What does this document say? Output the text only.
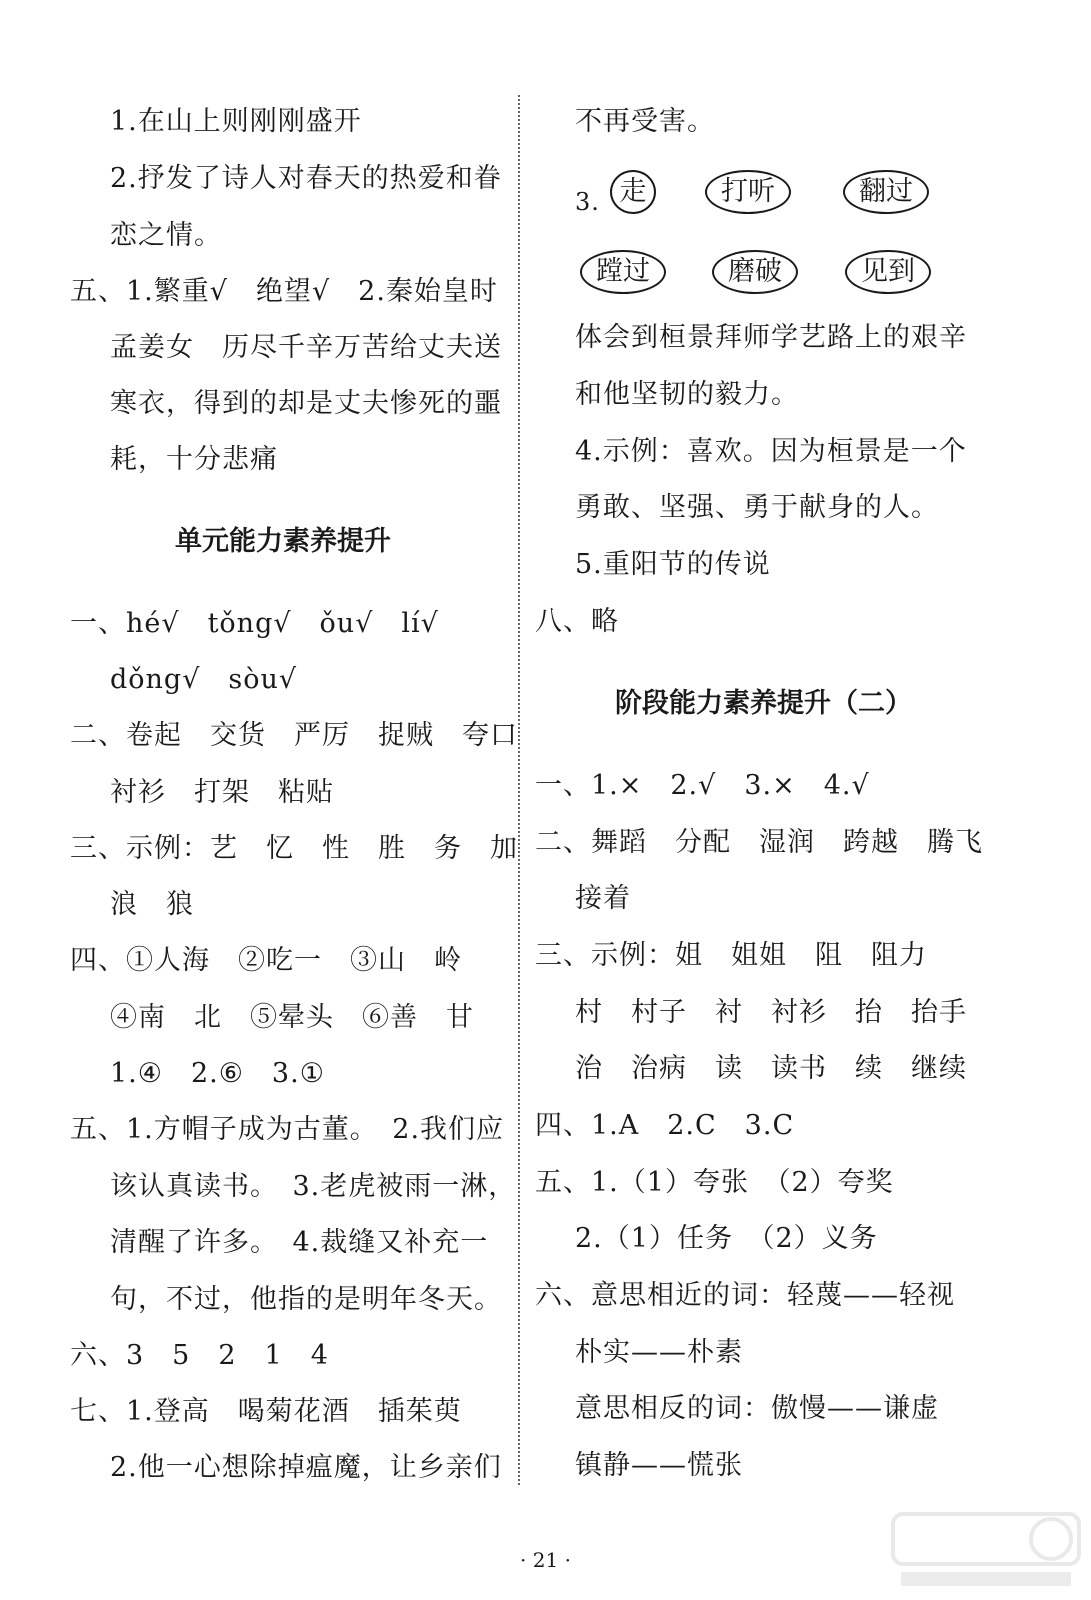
1.在山上则刚刚盛开
2.抒发了诗人对春天的热爱和眷
恋之情。
五、1.繁重√　绝望√　2.秦始皇时
孟姜女　历尽千辛万苦给丈夫送
寒衣，得到的却是丈夫惨死的噩
耗，十分悲痛
单元能力素养提升
一、hé√　tǒng√　ǒu√　lí√
dǒng√　sòu√
二、卷起　交货　严厉　捉贼　夸口
衬衫　打架　粘贴
三、示例：艺　忆　性　胜　务　加
浪　狼
四、①人海　②吃一　③山　岭
④南　北　⑤晕头　⑥善　甘
1.④　2.⑥　3.①
五、1.方帽子成为古董。　2.我们应
该认真读书。　3.老虎被雨一淋，
清醒了许多。　4.裁缝又补充一
句，不过，他指的是明年冬天。
六、3　5　2　1　4
七、1.登高　喝菊花酒　插茱萸
2.他一心想除掉瘟魔，让乡亲们
不再受害。
3. 走	打听	翻过
蹚过	磨破	见到
体会到桓景拜师学艺路上的艰辛
和他坚韧的毅力。
4.示例：喜欢。因为桓景是一个
勇敢、坚强、勇于献身的人。
5.重阳节的传说
八、略
阶段能力素养提升（二）
一、1.×　2.√　3.×　4.√
二、舞蹈　分配　湿润　跨越　腾飞
接着
三、示例：姐　姐姐　阻　阻力
村　村子　衬　衬衫　抬　抬手
治　治病　读　读书　续　继续
四、1.A　2.C　3.C
五、1.（1）夸张　（2）夸奖
2.（1）任务　（2）义务
六、意思相近的词：轻蔑——轻视
朴实——朴素
意思相反的词：傲慢——谦虚
镇静——慌张
· 21 ·
